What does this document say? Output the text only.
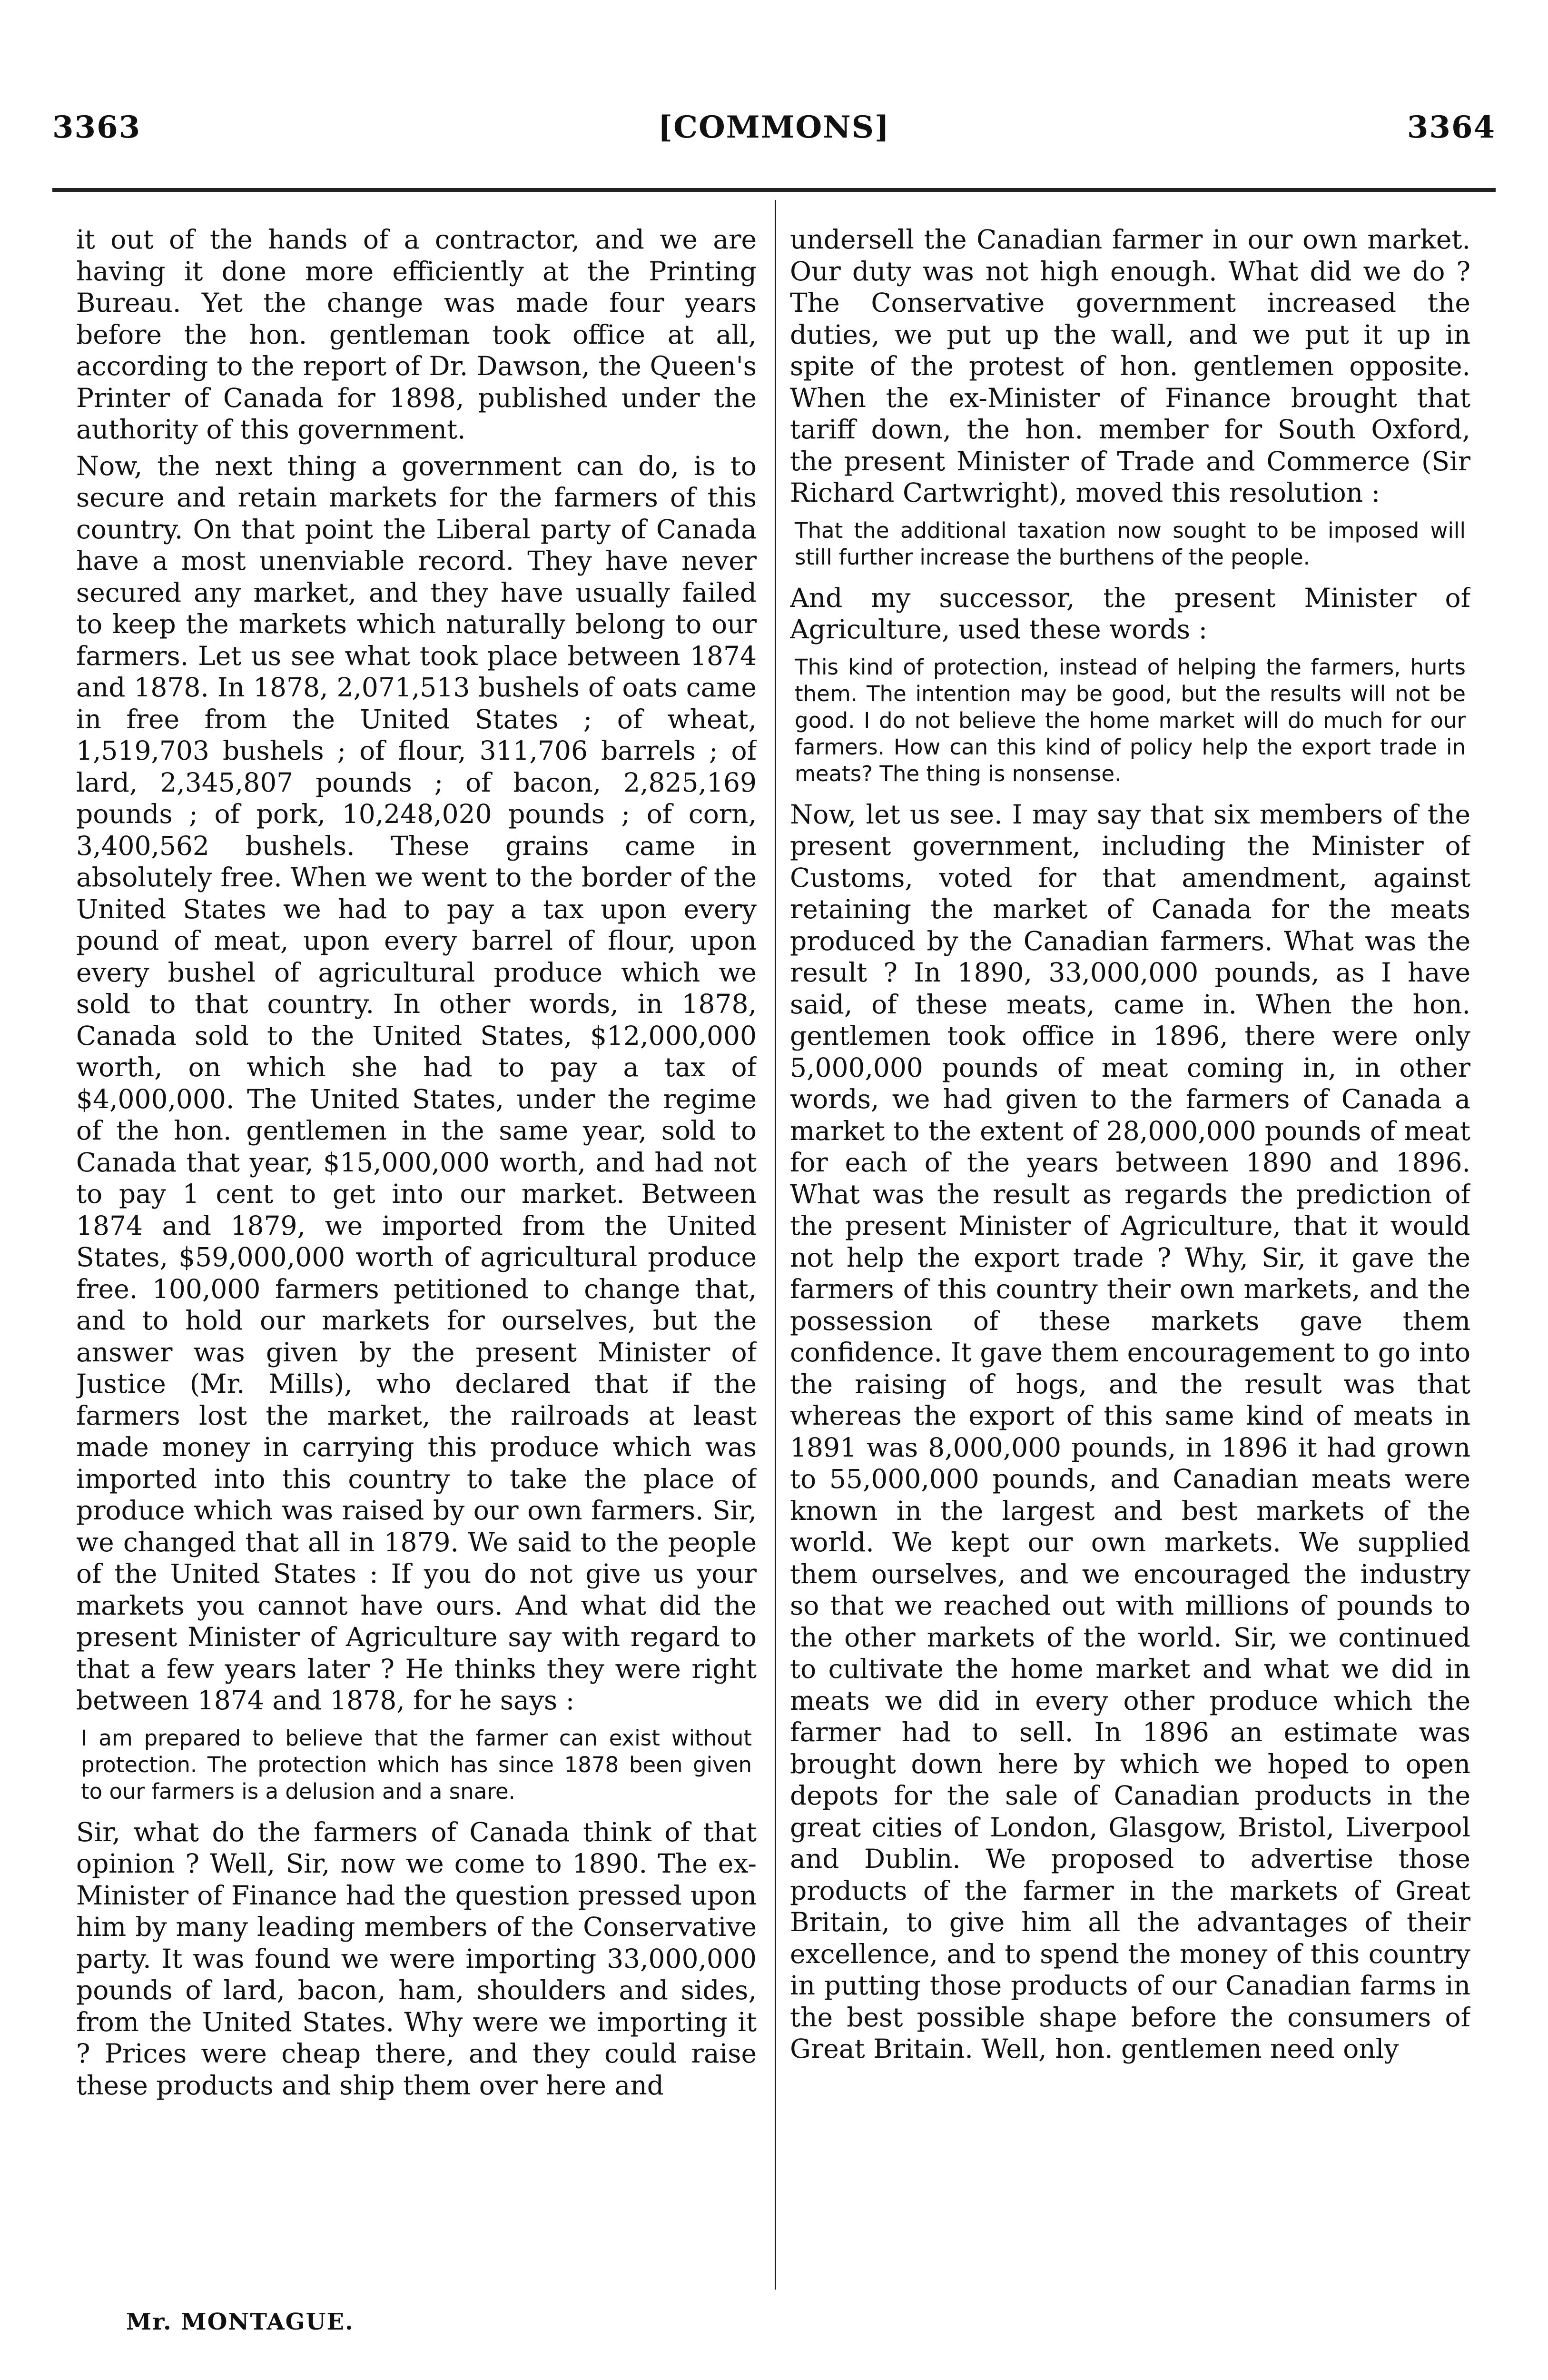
3363	[COMMONS]	3364

it out of the hands of a contractor, and we are having it done more efficiently at the Printing Bureau. Yet the change was made four years before the hon. gentleman took office at all, according to the report of Dr. Dawson, the Queen's Printer of Canada for 1898, published under the authority of this government.

Now, the next thing a government can do, is to secure and retain markets for the farmers of this country. On that point the Liberal party of Canada have a most unenviable record. They have never secured any market, and they have usually failed to keep the markets which naturally belong to our farmers. Let us see what took place between 1874 and 1878. In 1878, 2,071,513 bushels of oats came in free from the United States ; of wheat, 1,519,703 bushels ; of flour, 311,706 barrels ; of lard, 2,345,807 pounds ; of bacon, 2,825,169 pounds ; of pork, 10,248,020 pounds ; of corn, 3,400,562 bushels. These grains came in absolutely free. When we went to the border of the United States we had to pay a tax upon every pound of meat, upon every barrel of flour, upon every bushel of agricultural produce which we sold to that country. In other words, in 1878, Canada sold to the United States, $12,000,000 worth, on which she had to pay a tax of $4,000,000. The United States, under the regime of the hon. gentlemen in the same year, sold to Canada that year, $15,000,000 worth, and had not to pay 1 cent to get into our market. Between 1874 and 1879, we imported from the United States, $59,000,000 worth of agricultural produce free. 100,000 farmers petitioned to change that, and to hold our markets for ourselves, but the answer was given by the present Minister of Justice (Mr. Mills), who declared that if the farmers lost the market, the railroads at least made money in carrying this produce which was imported into this country to take the place of produce which was raised by our own farmers. Sir, we changed that all in 1879. We said to the people of the United States : If you do not give us your markets you cannot have ours. And what did the present Minister of Agriculture say with regard to that a few years later ? He thinks they were right between 1874 and 1878, for he says :

I am prepared to believe that the farmer can exist without protection. The protection which has since 1878 been given to our farmers is a delusion and a snare.

Sir, what do the farmers of Canada think of that opinion ? Well, Sir, now we come to 1890. The ex-Minister of Finance had the question pressed upon him by many leading members of the Conservative party. It was found we were importing 33,000,000 pounds of lard, bacon, ham, shoulders and sides, from the United States. Why were we importing it ? Prices were cheap there, and they could raise these products and ship them over here and

undersell the Canadian farmer in our own market. Our duty was not high enough. What did we do ? The Conservative government increased the duties, we put up the wall, and we put it up in spite of the protest of hon. gentlemen opposite. When the ex-Minister of Finance brought that tariff down, the hon. member for South Oxford, the present Minister of Trade and Commerce (Sir Richard Cartwright), moved this resolution :

That the additional taxation now sought to be imposed will still further increase the burthens of the people.

And my successor, the present Minister of Agriculture, used these words :

This kind of protection, instead of helping the farmers, hurts them. The intention may be good, but the results will not be good. I do not believe the home market will do much for our farmers. How can this kind of policy help the export trade in meats? The thing is nonsense.

Now, let us see. I may say that six members of the present government, including the Minister of Customs, voted for that amendment, against retaining the market of Canada for the meats produced by the Canadian farmers. What was the result ? In 1890, 33,000,000 pounds, as I have said, of these meats, came in. When the hon. gentlemen took office in 1896, there were only 5,000,000 pounds of meat coming in, in other words, we had given to the farmers of Canada a market to the extent of 28,000,000 pounds of meat for each of the years between 1890 and 1896. What was the result as regards the prediction of the present Minister of Agriculture, that it would not help the export trade ? Why, Sir, it gave the farmers of this country their own markets, and the possession of these markets gave them confidence. It gave them encouragement to go into the raising of hogs, and the result was that whereas the export of this same kind of meats in 1891 was 8,000,000 pounds, in 1896 it had grown to 55,000,000 pounds, and Canadian meats were known in the largest and best markets of the world. We kept our own markets. We supplied them ourselves, and we encouraged the industry so that we reached out with millions of pounds to the other markets of the world. Sir, we continued to cultivate the home market and what we did in meats we did in every other produce which the farmer had to sell. In 1896 an estimate was brought down here by which we hoped to open depots for the sale of Canadian products in the great cities of London, Glasgow, Bristol, Liverpool and Dublin. We proposed to advertise those products of the farmer in the markets of Great Britain, to give him all the advantages of their excellence, and to spend the money of this country in putting those products of our Canadian farms in the best possible shape before the consumers of Great Britain. Well, hon. gentlemen need only

Mr. MONTAGUE.
